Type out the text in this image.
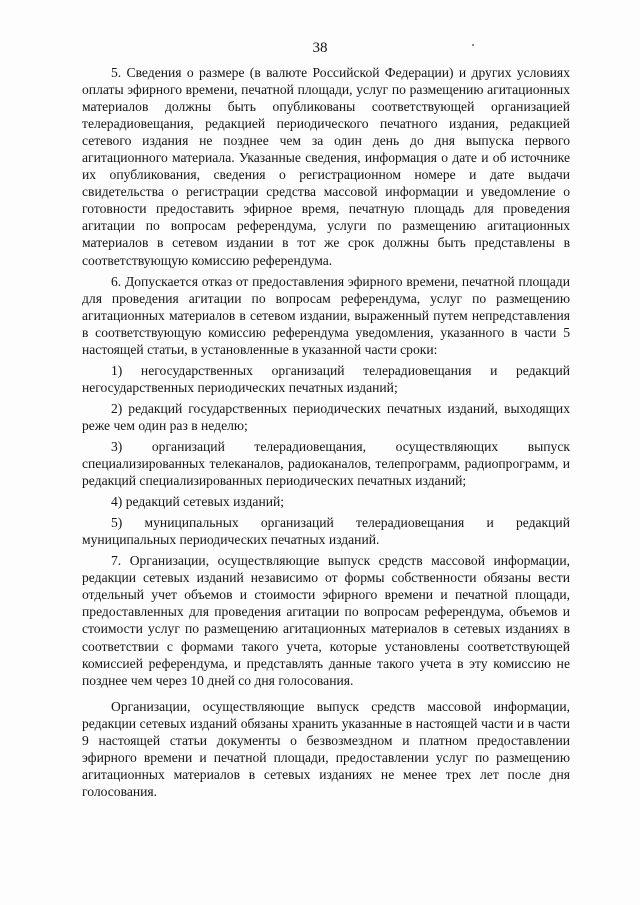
38

5. Сведения о размере (в валюте Российской Федерации) и других условиях оплаты эфирного времени, печатной площади, услуг по размещению агитационных материалов должны быть опубликованы соответствующей организацией телерадиовещания, редакцией периодического печатного издания, редакцией сетевого издания не позднее чем за один день до дня выпуска первого агитационного материала. Указанные сведения, информация о дате и об источнике их опубликования, сведения о регистрационном номере и дате выдачи свидетельства о регистрации средства массовой информации и уведомление о готовности предоставить эфирное время, печатную площадь для проведения агитации по вопросам референдума, услуги по размещению агитационных материалов в сетевом издании в тот же срок должны быть представлены в соответствующую комиссию референдума.

6. Допускается отказ от предоставления эфирного времени, печатной площади для проведения агитации по вопросам референдума, услуг по размещению агитационных материалов в сетевом издании, выраженный путем непредставления в соответствующую комиссию референдума уведомления, указанного в части 5 настоящей статьи, в установленные в указанной части сроки:

1) негосударственных организаций телерадиовещания и редакций негосударственных периодических печатных изданий;

2) редакций государственных периодических печатных изданий, выходящих реже чем один раз в неделю;

3) организаций телерадиовещания, осуществляющих выпуск специализированных телеканалов, радиоканалов, телепрограмм, радиопрограмм, и редакций специализированных периодических печатных изданий;

4) редакций сетевых изданий;

5) муниципальных организаций телерадиовещания и редакций муниципальных периодических печатных изданий.

7. Организации, осуществляющие выпуск средств массовой информации, редакции сетевых изданий независимо от формы собственности обязаны вести отдельный учет объемов и стоимости эфирного времени и печатной площади, предоставленных для проведения агитации по вопросам референдума, объемов и стоимости услуг по размещению агитационных материалов в сетевых изданиях в соответствии с формами такого учета, которые установлены соответствующей комиссией референдума, и представлять данные такого учета в эту комиссию не позднее чем через 10 дней со дня голосования.

Организации, осуществляющие выпуск средств массовой информации, редакции сетевых изданий обязаны хранить указанные в настоящей части и в части 9 настоящей статьи документы о безвозмездном и платном предоставлении эфирного времени и печатной площади, предоставлении услуг по размещению агитационных материалов в сетевых изданиях не менее трех лет после дня голосования.
